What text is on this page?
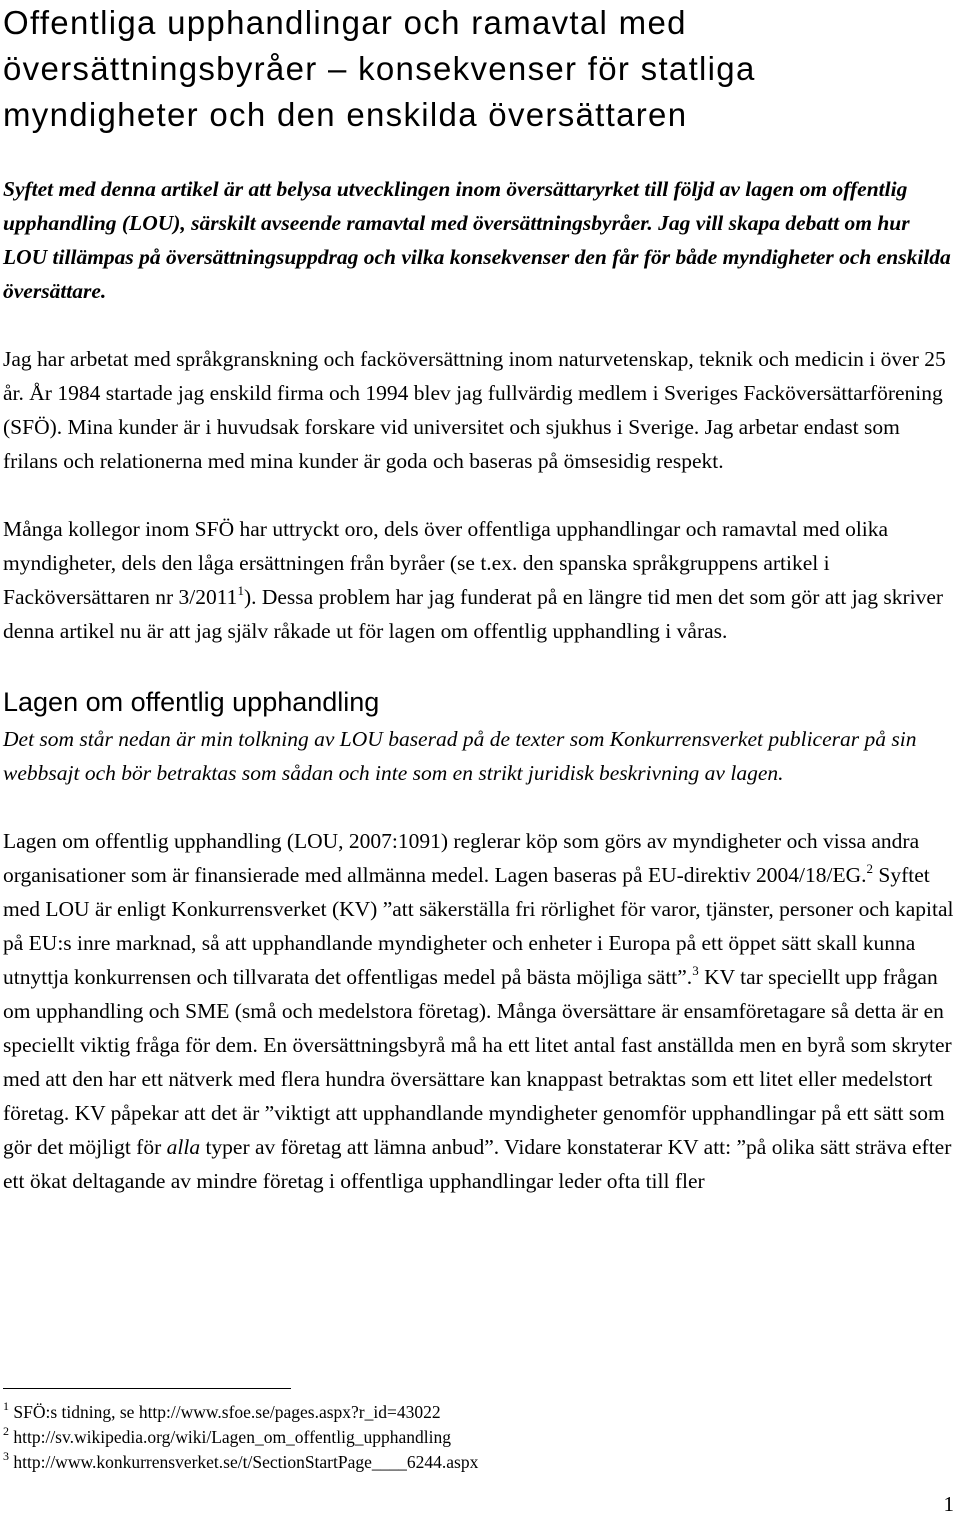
Offentliga upphandlingar och ramavtal med översättningsbyråer – konsekvenser för statliga myndigheter och den enskilda översättaren

Syftet med denna artikel är att belysa utvecklingen inom översättaryrket till följd av lagen om offentlig upphandling (LOU), särskilt avseende ramavtal med översättningsbyråer. Jag vill skapa debatt om hur LOU tillämpas på översättningsuppdrag och vilka konsekvenser den får för både myndigheter och enskilda översättare.

Jag har arbetat med språkgranskning och facköversättning inom naturvetenskap, teknik och medicin i över 25 år. År 1984 startade jag enskild firma och 1994 blev jag fullvärdig medlem i Sveriges Facköversättarförening (SFÖ). Mina kunder är i huvudsak forskare vid universitet och sjukhus i Sverige. Jag arbetar endast som frilans och relationerna med mina kunder är goda och baseras på ömsesidig respekt.

Många kollegor inom SFÖ har uttryckt oro, dels över offentliga upphandlingar och ramavtal med olika myndigheter, dels den låga ersättningen från byråer (se t.ex. den spanska språkgruppens artikel i Facköversättaren nr 3/2011$^1$). Dessa problem har jag funderat på en längre tid men det som gör att jag skriver denna artikel nu är att jag själv råkade ut för lagen om offentlig upphandling i våras.

Lagen om offentlig upphandling

Det som står nedan är min tolkning av LOU baserad på de texter som Konkurrensverket publicerar på sin webbsajt och bör betraktas som sådan och inte som en strikt juridisk beskrivning av lagen.

Lagen om offentlig upphandling (LOU, 2007:1091) reglerar köp som görs av myndigheter och vissa andra organisationer som är finansierade med allmänna medel. Lagen baseras på EU-direktiv 2004/18/EG.$^2$ Syftet med LOU är enligt Konkurrensverket (KV) ”att säkerställa fri rörlighet för varor, tjänster, personer och kapital på EU:s inre marknad, så att upphandlande myndigheter och enheter i Europa på ett öppet sätt skall kunna utnyttja konkurrensen och tillvarata det offentligas medel på bästa möjliga sätt”.$^3$ KV tar speciellt upp frågan om upphandling och SME (små och medelstora företag). Många översättare är ensamföretagare så detta är en speciellt viktig fråga för dem. En översättningsbyrå må ha ett litet antal fast anställda men en byrå som skryter med att den har ett nätverk med flera hundra översättare kan knappast betraktas som ett litet eller medelstort företag. KV påpekar att det är ”viktigt att upphandlande myndigheter genomför upphandlingar på ett sätt som gör det möjligt för alla typer av företag att lämna anbud”. Vidare konstaterar KV att: ”på olika sätt sträva efter ett ökat deltagande av mindre företag i offentliga upphandlingar leder ofta till fler

$^1$ SFÖ:s tidning, se http://www.sfoe.se/pages.aspx?r_id=43022
$^2$ http://sv.wikipedia.org/wiki/Lagen_om_offentlig_upphandling
$^3$ http://www.konkurrensverket.se/t/SectionStartPage____6244.aspx
1
